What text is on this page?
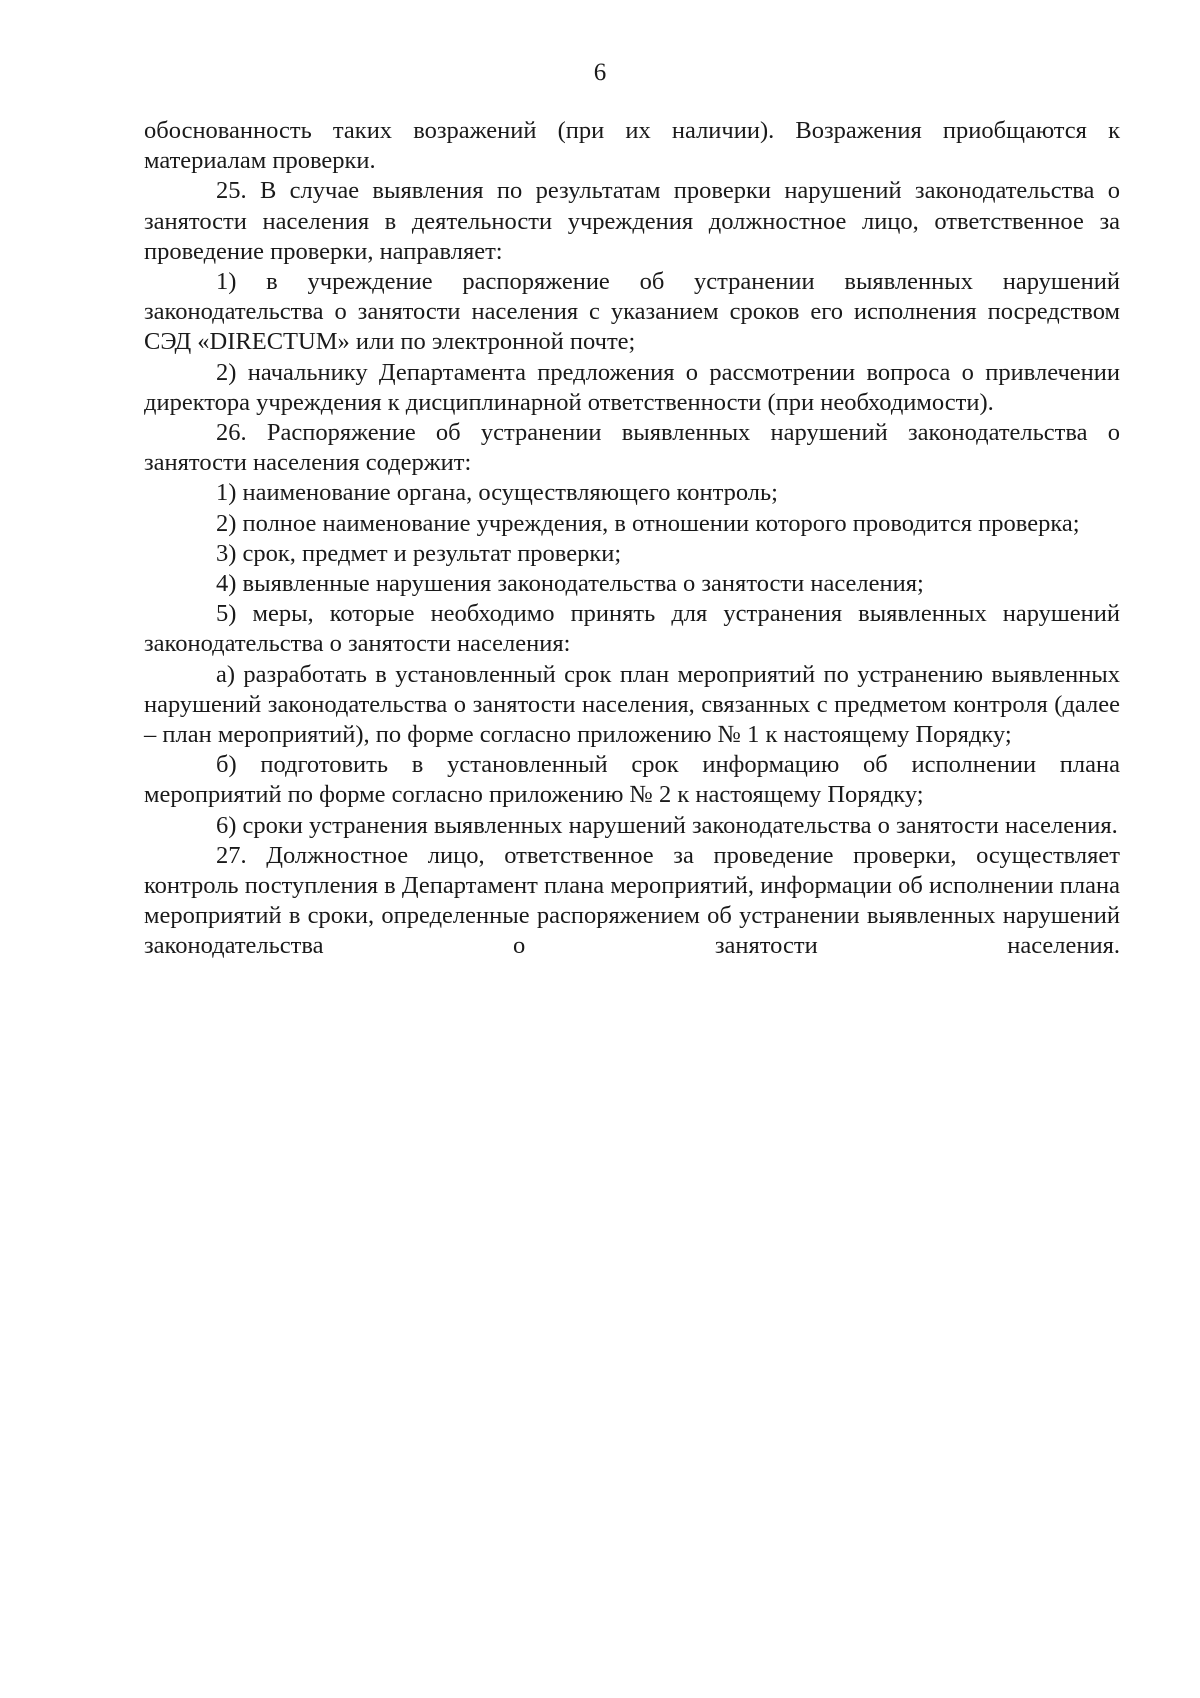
6

обоснованность таких возражений (при их наличии). Возражения приобщаются к материалам проверки.

25. В случае выявления по результатам проверки нарушений законодательства о занятости населения в деятельности учреждения должностное лицо, ответственное за проведение проверки, направляет:

1) в учреждение распоряжение об устранении выявленных нарушений законодательства о занятости населения с указанием сроков его исполнения посредством СЭД «DIRECTUM» или по электронной почте;

2) начальнику Департамента предложения о рассмотрении вопроса о привлечении директора учреждения к дисциплинарной ответственности (при необходимости).

26. Распоряжение об устранении выявленных нарушений законодательства о занятости населения содержит:

1) наименование органа, осуществляющего контроль;

2) полное наименование учреждения, в отношении которого проводится проверка;

3) срок, предмет и результат проверки;

4) выявленные нарушения законодательства о занятости населения;

5) меры, которые необходимо принять для устранения выявленных нарушений законодательства о занятости населения:

а) разработать в установленный срок план мероприятий по устранению выявленных нарушений законодательства о занятости населения, связанных с предметом контроля (далее – план мероприятий), по форме согласно приложению № 1 к настоящему Порядку;

б) подготовить в установленный срок информацию об исполнении плана мероприятий по форме согласно приложению № 2 к настоящему Порядку;

6) сроки устранения выявленных нарушений законодательства о занятости населения.

27. Должностное лицо, ответственное за проведение проверки, осуществляет контроль поступления в Департамент плана мероприятий, информации об исполнении плана мероприятий в сроки, определенные распоряжением об устранении выявленных нарушений законодательства о занятости населения.
